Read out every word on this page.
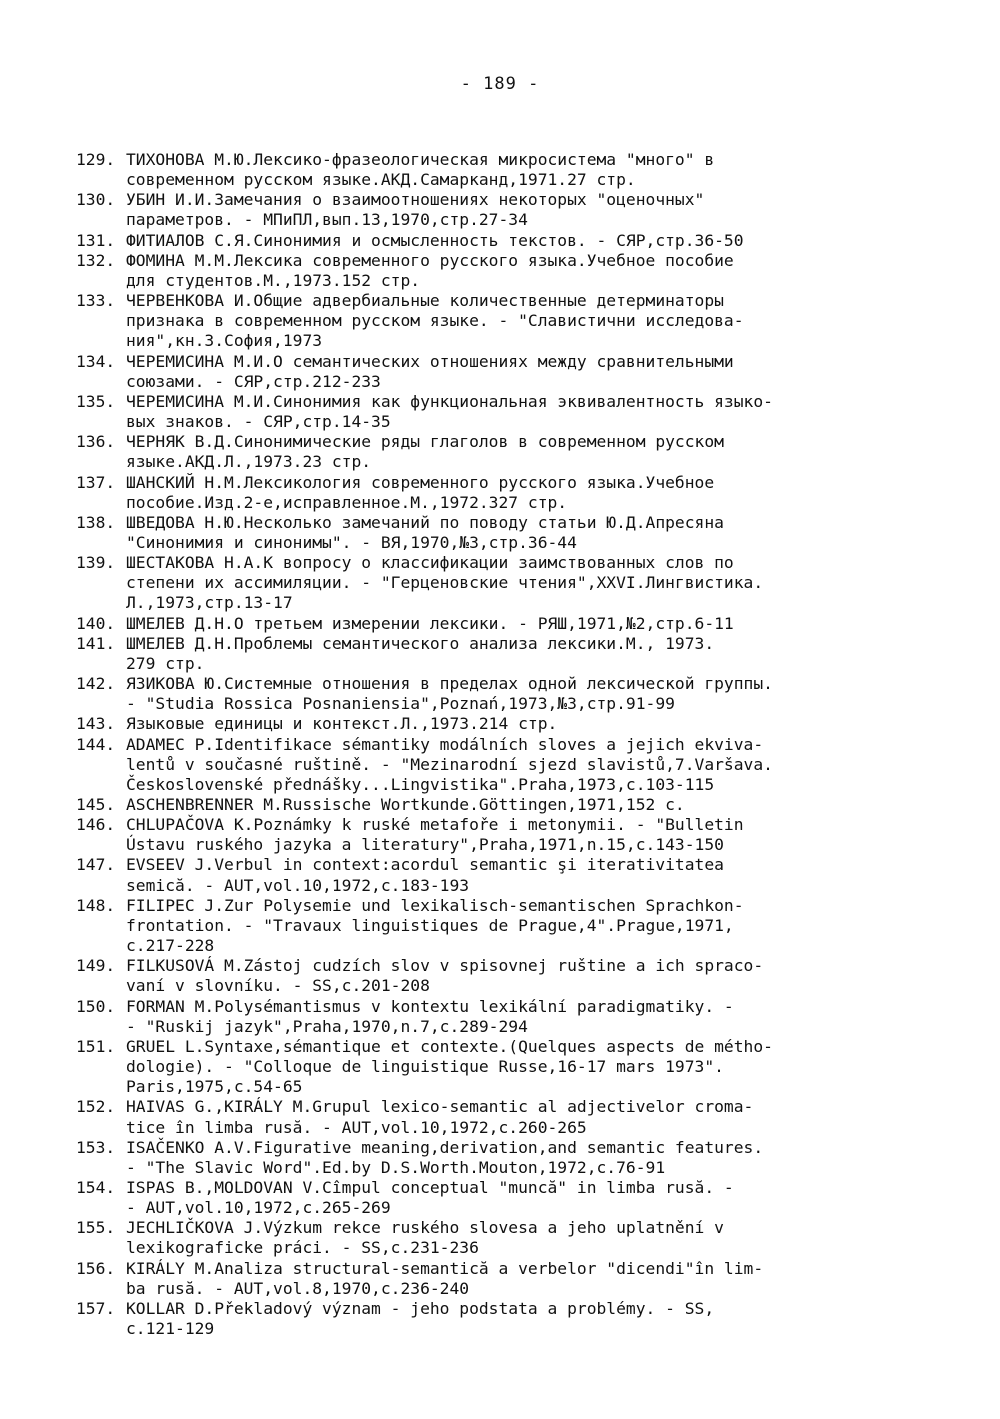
- 189 -
129. ТИХОНОВА М.Ю.Лексико-фразеологическая микросистема "много" в
современном русском языке.АКД.Самарканд,1971.27 стр.
130. УБИН И.И.Замечания о взаимоотношениях некоторых "оценочных"
параметров. - МПиПЛ,вып.13,1970,стр.27-34
131. ФИТИАЛОВ С.Я.Синонимия и осмысленность текстов. - СЯР,стр.36-50
132. ФОМИНА М.М.Лексика современного русского языка.Учебное пособие
для студентов.М.,1973.152 стр.
133. ЧЕРВЕНКОВА И.Общие адвербиальные количественные детерминаторы
признака в современном русском языке. - "Славистични исследова-
ния",кн.3.София,1973
134. ЧЕРЕМИСИНА М.И.О семантических отношениях между сравнительными
союзами. - СЯР,стр.212-233
135. ЧЕРЕМИСИНА М.И.Синонимия как функциональная эквивалентность языко-
вых знаков. - СЯР,стр.14-35
136. ЧЕРНЯК В.Д.Синонимические ряды глаголов в современном русском
языке.АКД.Л.,1973.23 стр.
137. ШАНСКИЙ Н.М.Лексикология современного русского языка.Учебное
пособие.Изд.2-е,исправленное.М.,1972.327 стр.
138. ШВЕДОВА Н.Ю.Несколько замечаний по поводу статьи Ю.Д.Апресяна
"Синонимия и синонимы". - ВЯ,1970,№3,стр.36-44
139. ШЕСТАКОВА Н.А.К вопросу о классификации заимствованных слов по
степени их ассимиляции. - "Герценовские чтения",XXVI.Лингвистика.
Л.,1973,стр.13-17
140. ШМЕЛЕВ Д.Н.О третьем измерении лексики. - РЯШ,1971,№2,стр.6-11
141. ШМЕЛЕВ Д.Н.Проблемы семантического анализа лексики.М., 1973.
279 стр.
142. ЯЗИКОВА Ю.Системные отношения в пределах одной лексической группы.
- "Studia Rossica Posnaniensia",Poznań,1973,№3,стр.91-99
143. Языковые единицы и контекст.Л.,1973.214 стр.
144. ADAMEC P.Identifikace sémantiky modálních sloves a jejich ekviva-
lentů v současné ruštině. - "Mezinarodní sjezd slavistů,7.Varšava.
Československé přednášky...Lingvistika".Praha,1973,c.103-115
145. ASCHENBRENNER M.Russische Wortkunde.Göttingen,1971,152 c.
146. CHLUPAČOVA K.Poznámky k ruské metafoře i metonymii. - "Bulletin
Ústavu ruského jazyka a literatury",Praha,1971,n.15,c.143-150
147. EVSEEV J.Verbul in context:acordul semantic şi iterativitatea
semică. - AUT,vol.10,1972,c.183-193
148. FILIPEC J.Zur Polysemie und lexikalisch-semantischen Sprachkon-
frontation. - "Travaux linguistiques de Prague,4".Prague,1971,
c.217-228
149. FILKUSOVÁ M.Zástoj cudzích slov v spisovnej ruštine a ich spraco-
vaní v slovníku. - SS,c.201-208
150. FORMAN M.Polysémantismus v kontextu lexikální paradigmatiky. -
- "Ruskij jazyk",Praha,1970,n.7,c.289-294
151. GRUEL L.Syntaxe,sémantique et contexte.(Quelques aspects de métho-
dologie). - "Colloque de linguistique Russe,16-17 mars 1973".
Paris,1975,c.54-65
152. HAIVAS G.,KIRÁLY M.Grupul lexico-semantic al adjectivelor croma-
tice în limba rusă. - AUT,vol.10,1972,c.260-265
153. ISAČENKO A.V.Figurative meaning,derivation,and semantic features.
- "The Slavic Word".Ed.by D.S.Worth.Mouton,1972,c.76-91
154. ISPAS B.,MOLDOVAN V.Cîmpul conceptual "muncă" in limba rusă. -
- AUT,vol.10,1972,c.265-269
155. JECHLIČKOVA J.Výzkum rekce ruského slovesa a jeho uplatnění v
lexikograficke práci. - SS,c.231-236
156. KIRÁLY M.Analiza structural-semantică a verbelor "dicendi"în lim-
ba rusă. - AUT,vol.8,1970,c.236-240
157. KOLLAR D.Překladový význam - jeho podstata a problémy. - SS,
c.121-129
